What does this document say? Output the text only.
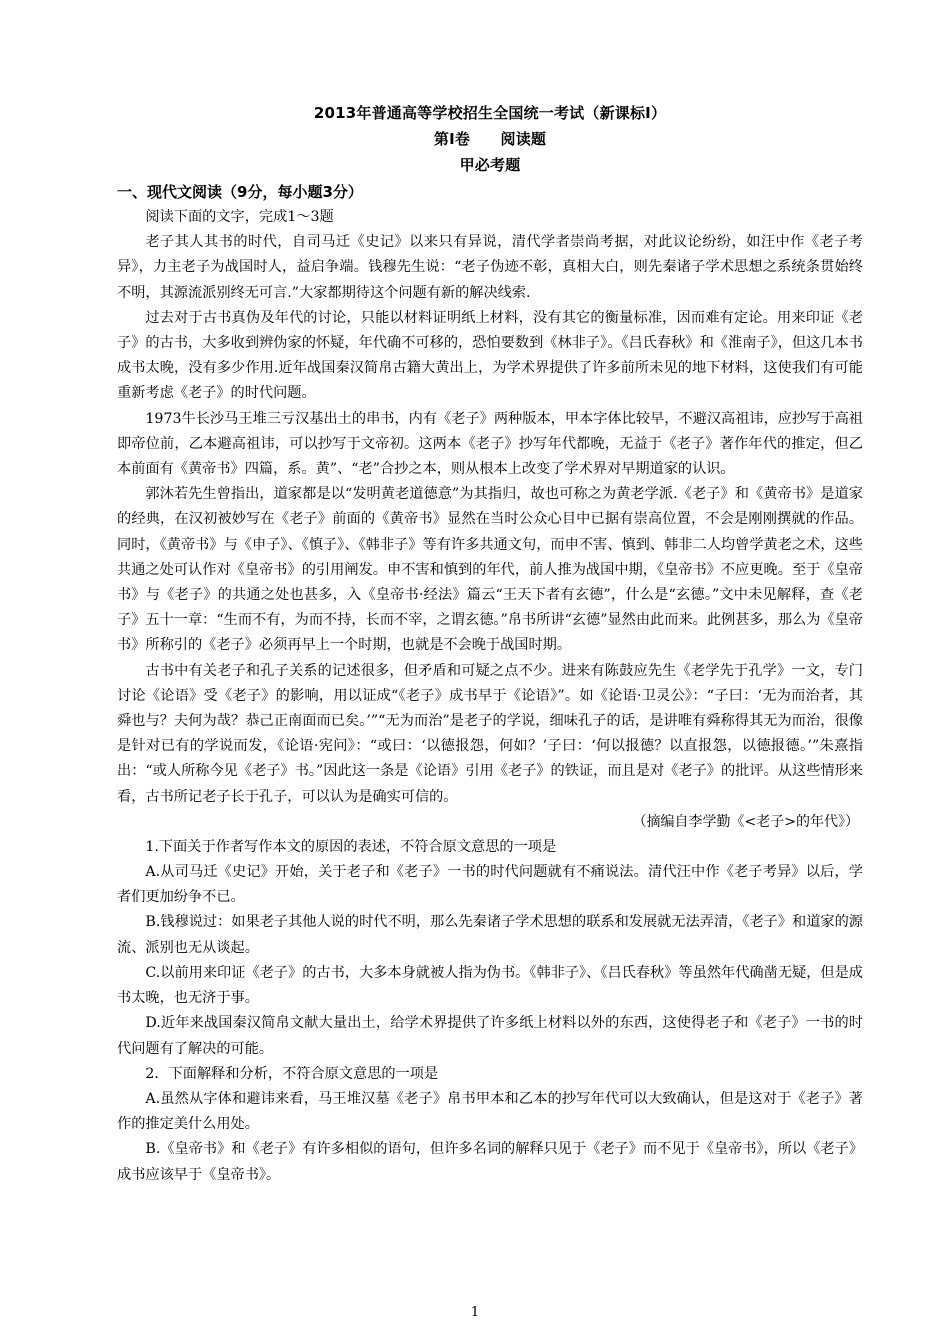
2013年普通高等学校招生全国统一考试（新课标Ⅰ）
第Ⅰ卷　　阅读题
甲必考题
一、现代文阅读（9分，每小题3分）

阅读下面的文字，完成1～3题

老子其人其书的时代，自司马迁《史记》以来只有异说，清代学者崇尚考据，对此议论纷纷，如汪中作《老子考异》，力主老子为战国时人，益启争端。钱穆先生说：“老子伪迹不彰，真相大白，则先秦诸子学术思想之系统条贯始终不明，其源流派别终无可言.”大家都期待这个问题有新的解决线索.

过去对于古书真伪及年代的讨论，只能以材料证明纸上材料，没有其它的衡量标准，因而难有定论。用来印证《老子》的古书，大多收到辨伪家的怀疑，年代确不可移的，恐怕要数到《林非子》。《吕氏春秋》和《淮南子》，但这几本书成书太晚，没有多少作用.近年战国秦汉简帛古籍大黄出上，为学术界提供了许多前所未见的地下材料，这使我们有可能重新考虑《老子》的时代问题。

1973牛长沙马王堆三亏汉基出土的串书，内有《老子》两种版本，甲本字体比较早，不避汉高祖讳，应抄写于高祖即帝位前，乙本避高祖讳，可以抄写于文帝初。这两本《老子》抄写年代都晚，无益于《老子》著作年代的推定，但乙本前面有《黄帝书》四篇，系。黄”、“老”合抄之本，则从根本上改变了学术界对早期道家的认识。

郭沐若先生曾指出，道家都是以“发明黄老道德意”为其指归，故也可称之为黄老学派.《老子》和《黄帝书》是道家的经典，在汉初被妙写在《老子》前面的《黄帝书》显然在当时公众心目中已据有崇高位置，不会是刚刚撰就的作品。同时，《黄帝书》与《申子》、《慎子》、《韩非子》等有许多共通文句，而申不害、慎到、韩非二人均曾学黄老之术，这些共通之处可认作对《皇帝书》的引用阐发。申不害和慎到的年代，前人推为战国中期，《皇帝书》不应更晚。至于《皇帝书》与《老子》的共通之处也甚多，入《皇帝书·经法》篇云“王天下者有玄德”，什么是“玄德。”文中未见解释，查《老子》五十一章：“生而不有，为而不持，长而不宰，之谓玄德。”帛书所讲“玄德”显然由此而来。此例甚多，那么为《皇帝书》所称引的《老子》必须再早上一个时期，也就是不会晚于战国时期。

古书中有关老子和孔子关系的记述很多，但矛盾和可疑之点不少。进来有陈鼓应先生《老学先于孔学》一文，专门讨论《论语》受《老子》的影响，用以证成“《老子》成书早于《论语》”。如《论语·卫灵公》：“子曰：‘无为而治者，其舜也与？夫何为哉？恭己正南面而已矣。’”“无为而治”是老子的学说，细味孔子的话，是讲唯有舜称得其无为而治，很像是针对已有的学说而发，《论语·宪问》：“或曰：‘以德报怨，何如？’子曰：‘何以报德？以直报怨，以德报德。’”朱熹指出：“或人所称今见《老子》书。”因此这一条是《论语》引用《老子》的铁证，而且是对《老子》的批评。从这些情形来看，古书所记老子长于孔子，可以认为是确实可信的。

（摘编自李学勤《<老子>的年代》）

1.下面关于作者写作本文的原因的表述，不符合原文意思的一项是

A.从司马迁《史记》开始，关于老子和《老子》一书的时代问题就有不痛说法。清代汪中作《老子考异》以后，学者们更加纷争不已。

B.钱穆说过：如果老子其他人说的时代不明，那么先秦诸子学术思想的联系和发展就无法弄清，《老子》和道家的源流、派别也无从谈起。

C.以前用来印证《老子》的古书，大多本身就被人指为伪书。《韩非子》、《吕氏春秋》等虽然年代确凿无疑，但是成书太晚，也无济于事。

D.近年来战国秦汉简帛文献大量出土，给学术界提供了许多纸上材料以外的东西，这使得老子和《老子》一书的时代问题有了解决的可能。

2．下面解释和分析，不符合原文意思的一项是

A.虽然从字体和避讳来看，马王堆汉墓《老子》帛书甲本和乙本的抄写年代可以大致确认，但是这对于《老子》著作的推定美什么用处。

B.《皇帝书》和《老子》有许多相似的语句，但许多名词的解释只见于《老子》而不见于《皇帝书》，所以《老子》成书应该早于《皇帝书》。

1
